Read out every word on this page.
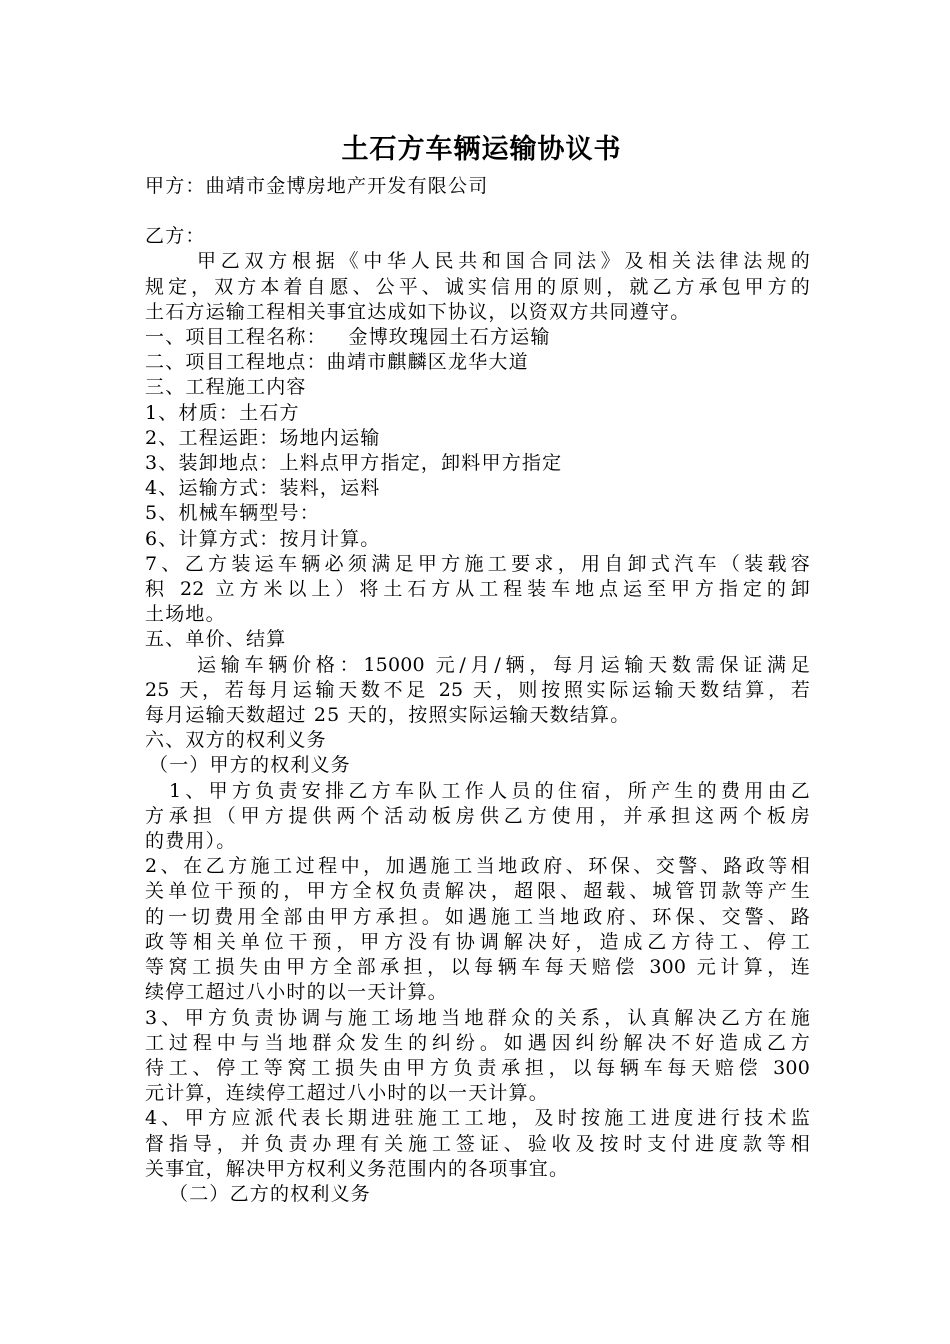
土石方车辆运输协议书
甲方：曲靖市金博房地产开发有限公司
乙方：
甲乙双方根据《中华人民共和国合同法》及相关法律法规的
规定，双方本着自愿、公平、诚实信用的原则，就乙方承包甲方的
土石方运输工程相关事宜达成如下协议，以资双方共同遵守。
一、项目工程名称：   金博玫瑰园土石方运输
二、项目工程地点：曲靖市麒麟区龙华大道
三、工程施工内容
1、材质：土石方
2、工程运距：场地内运输
3、装卸地点：上料点甲方指定，卸料甲方指定
4、运输方式：装料，运料
5、机械车辆型号：
6、计算方式：按月计算。
7、乙方装运车辆必须满足甲方施工要求，用自卸式汽车（装载容
积 22 立方米以上）将土石方从工程装车地点运至甲方指定的卸
土场地。
五、单价、结算
运输车辆价格：15000 元/月/辆，每月运输天数需保证满足
25 天，若每月运输天数不足 25 天，则按照实际运输天数结算，若
每月运输天数超过 25 天的，按照实际运输天数结算。
六、双方的权利义务
（一）甲方的权利义务
1、甲方负责安排乙方车队工作人员的住宿，所产生的费用由乙
方承担（甲方提供两个活动板房供乙方使用，并承担这两个板房
的费用）。
2、在乙方施工过程中，加遇施工当地政府、环保、交警、路政等相
关单位干预的，甲方全权负责解决，超限、超载、城管罚款等产生
的一切费用全部由甲方承担。如遇施工当地政府、环保、交警、路
政等相关单位干预，甲方没有协调解决好，造成乙方待工、停工
等窝工损失由甲方全部承担，以每辆车每天赔偿 300 元计算，连
续停工超过八小时的以一天计算。
3、甲方负责协调与施工场地当地群众的关系，认真解决乙方在施
工过程中与当地群众发生的纠纷。如遇因纠纷解决不好造成乙方
待工、停工等窝工损失由甲方负责承担，以每辆车每天赔偿 300
元计算，连续停工超过八小时的以一天计算。
4、甲方应派代表长期进驻施工工地，及时按施工进度进行技术监
督指导，并负责办理有关施工签证、验收及按时支付进度款等相
关事宜，解决甲方权利义务范围内的各项事宜。
（二）乙方的权利义务
